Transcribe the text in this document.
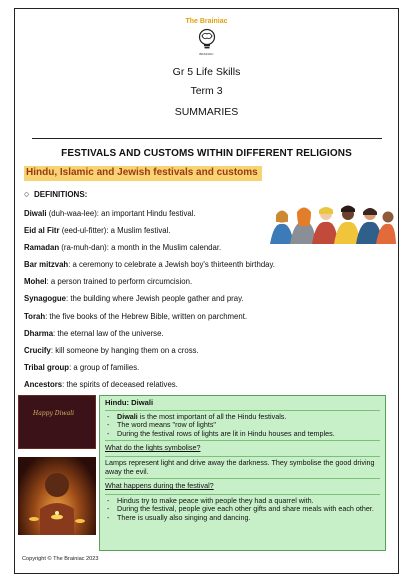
The Brainiac
BRAINIAC
Gr 5 Life Skills
Term 3
SUMMARIES
FESTIVALS AND CUSTOMS WITHIN DIFFERENT RELIGIONS
Hindu, Islamic and Jewish festivals and customs
○ DEFINITIONS:
Diwali (duh-waa-lee): an important Hindu festival.
Eid al Fitr (eed-ul-fitter): a Muslim festival.
Ramadan (ra-muh-dan): a month in the Muslim calendar.
Bar mitzvah: a ceremony to celebrate a Jewish boy's thirteenth birthday.
Mohel: a person trained to perform circumcision.
Synagogue: the building where Jewish people gather and pray.
Torah: the five books of the Hebrew Bible, written on parchment.
Dharma: the eternal law of the universe.
Crucify: kill someone by hanging them on a cross.
Tribal group: a group of families.
Ancestors: the spirits of deceased relatives.
Happy Diwali
Hindu: Diwali
- Diwali is the most important of all the Hindu festivals.
- The word means "row of lights"
- During the festival rows of lights are lit in Hindu houses and temples.
What do the lights symbolise?
Lamps represent light and drive away the darkness. They symbolise the good driving away the evil.
What happens during the festival?
- Hindus try to make peace with people they had a quarrel with.
- During the festival, people give each other gifts and share meals with each other.
- There is usually also singing and dancing.
Copyright © The Brainiac 2023
